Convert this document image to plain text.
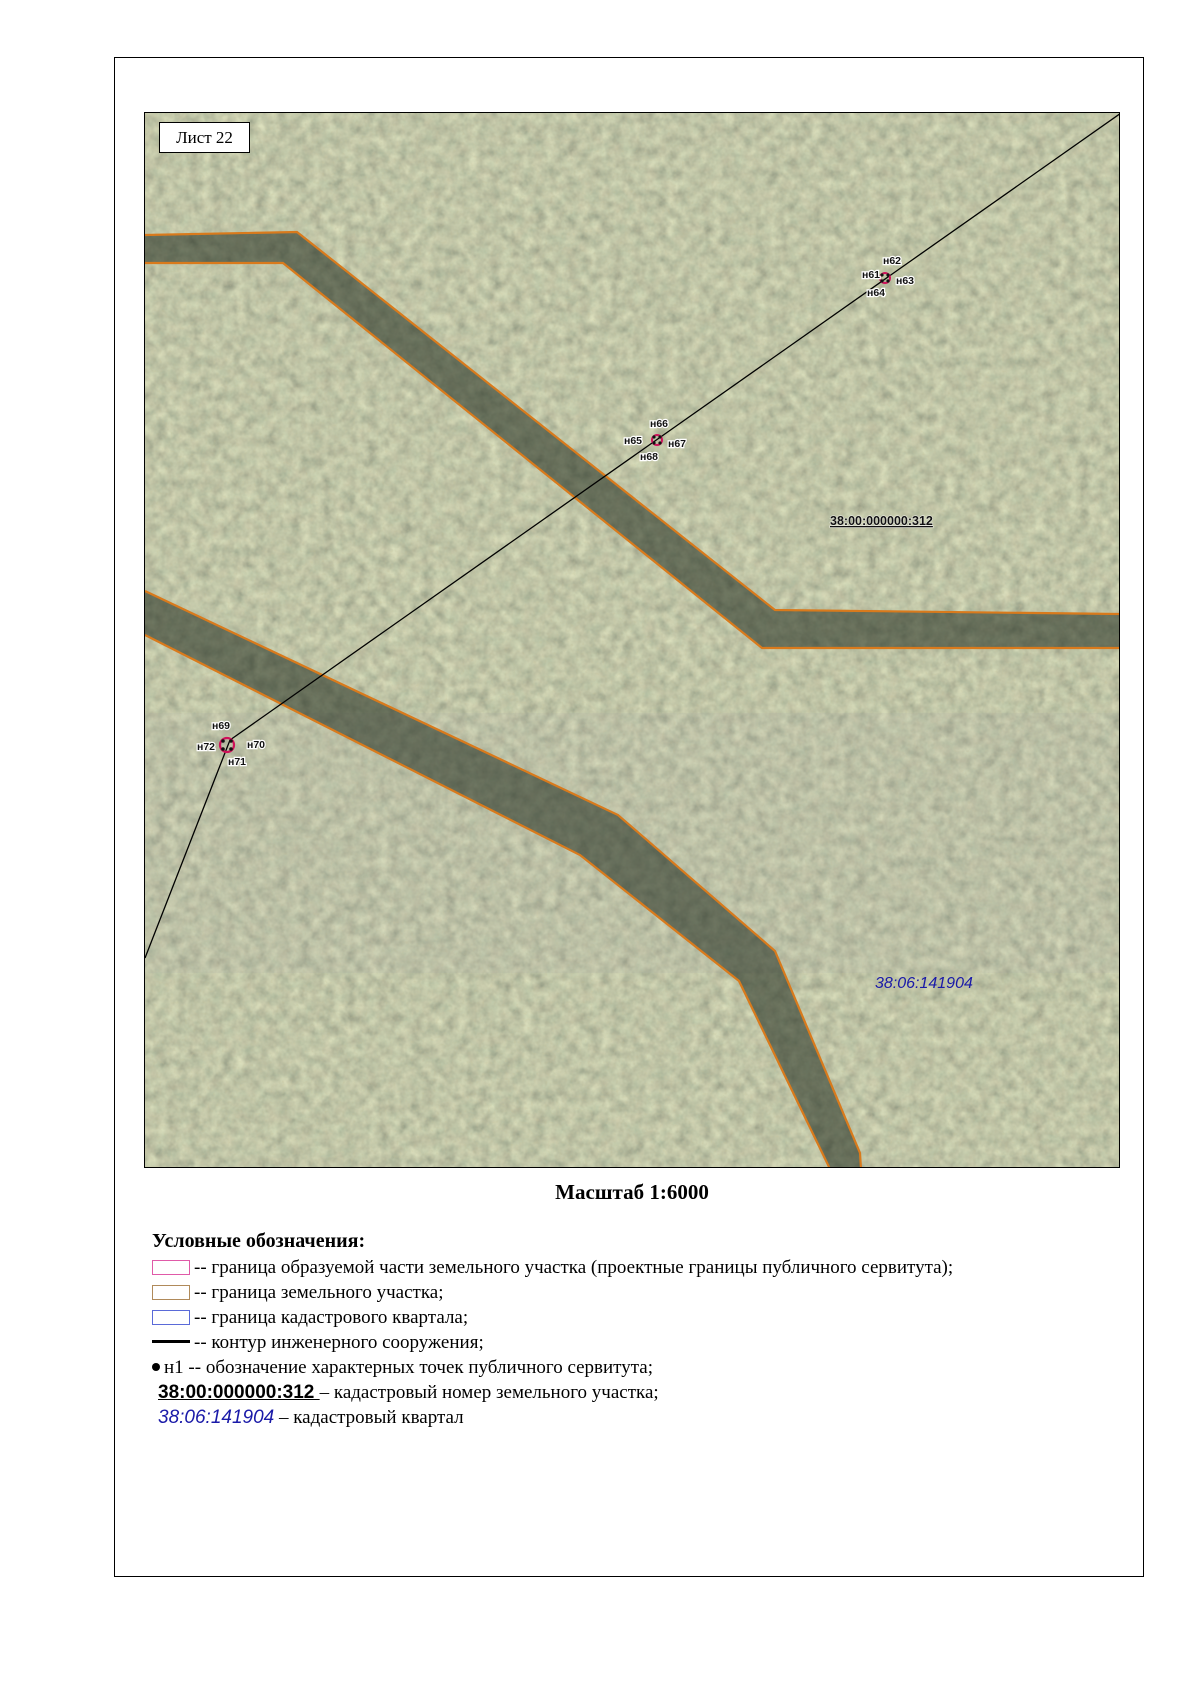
н61
н62
н63
н64
н65
н66
н67
н68
н69
н70
н71
н72
38:00:000000:312
38:06:141904
Лист 22
Масштаб 1:6000
Условные обозначения:
-- граница образуемой части земельного участка (проектные границы публичного сервитута);
-- граница земельного участка;
-- граница кадастрового квартала;
-- контур инженерного сооружения;
н1 -- обозначение характерных точек публичного сервитута;
38:00:000000:312 – кадастровый номер земельного участка;
38:06:141904 – кадастровый квартал
